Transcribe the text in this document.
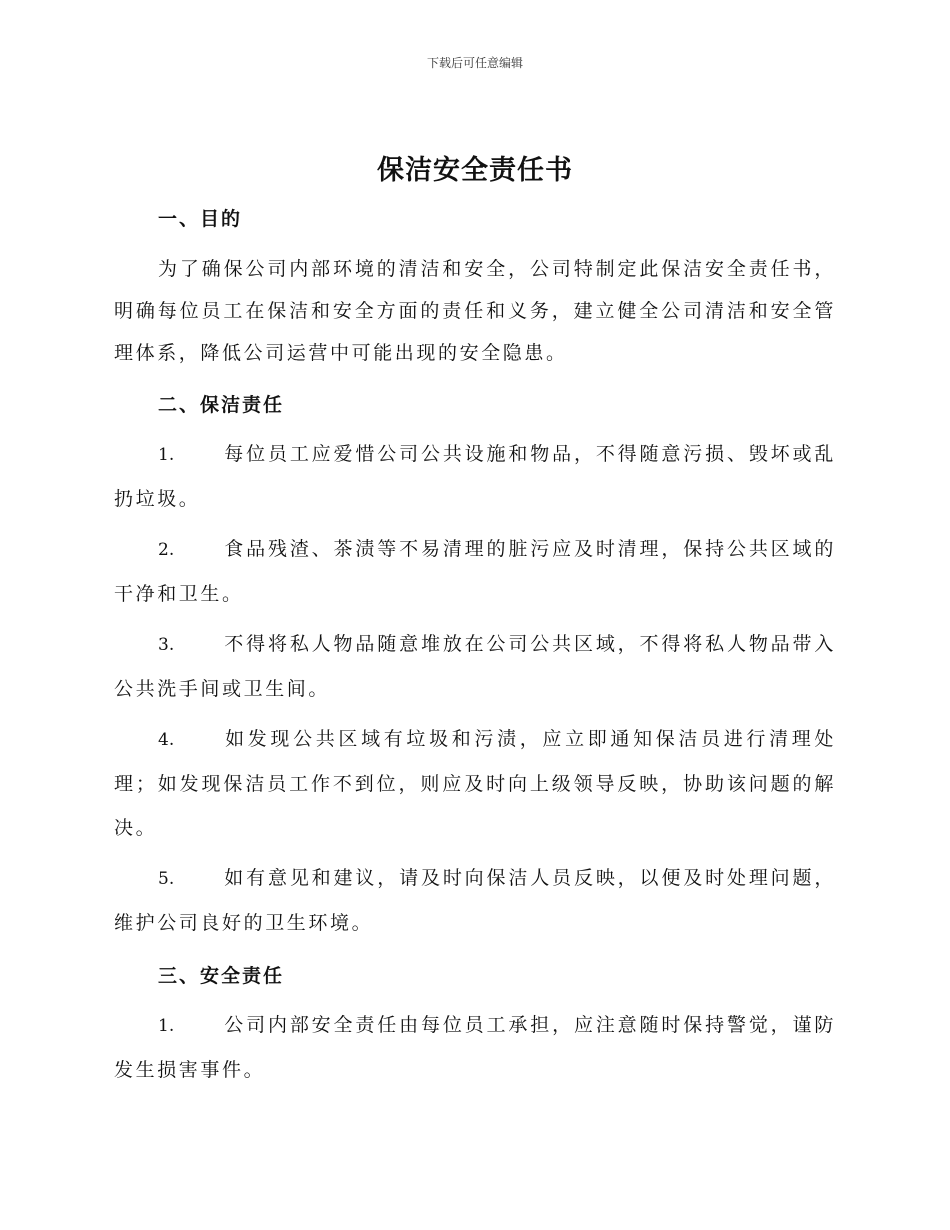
下载后可任意编辑
保洁安全责任书
一、目的

为了确保公司内部环境的清洁和安全，公司特制定此保洁安全责任书，明确每位员工在保洁和安全方面的责任和义务，建立健全公司清洁和安全管理体系，降低公司运营中可能出现的安全隐患。

二、保洁责任
1.	每位员工应爱惜公司公共设施和物品，不得随意污损、毁坏或乱扔垃圾。
2.	食品残渣、茶渍等不易清理的脏污应及时清理，保持公共区域的干净和卫生。
3.	不得将私人物品随意堆放在公司公共区域，不得将私人物品带入公共洗手间或卫生间。
4.	如发现公共区域有垃圾和污渍，应立即通知保洁员进行清理处理；如发现保洁员工作不到位，则应及时向上级领导反映，协助该问题的解决。
5.	如有意见和建议，请及时向保洁人员反映，以便及时处理问题，维护公司良好的卫生环境。
三、安全责任
1.	公司内部安全责任由每位员工承担，应注意随时保持警觉，谨防发生损害事件。
